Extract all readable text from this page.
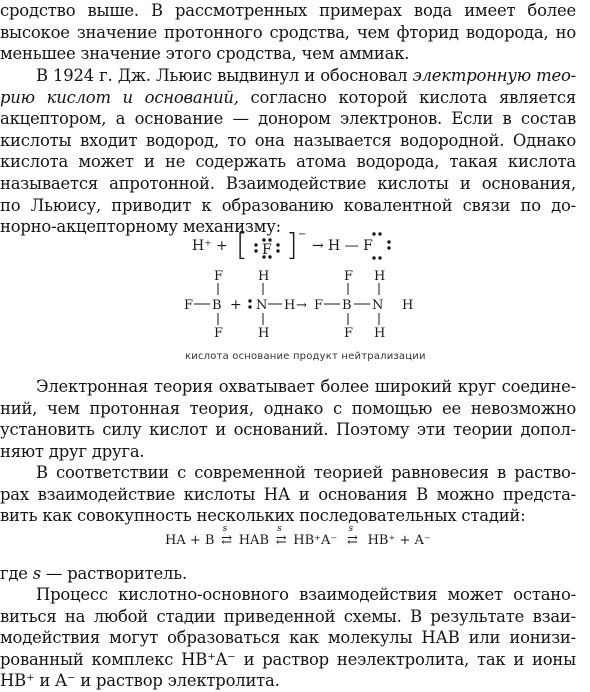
сродство выше. В рассмотренных примерах вода имеет более
высокое значение протонного сродства, чем фторид водорода, но
меньшее значение этого сродства, чем аммиак.
В 1924 г. Дж. Льюис выдвинул и обосновал электронную тео-
рию кислот и оснований, согласно которой кислота является
акцептором, а основание — донором электронов. Если в состав
кислоты входит водород, то она называется водородной. Однако
кислота может и не содержать атома водорода, такая кислота
называется апротонной. Взаимодействие кислоты и основания,
по Льюису, приводит к образованию ковалентной связи по до-
норно-акцепторному механизму:
H⁺ + [ F ] −
→ H — F
F
F B
F
+
H
N H
H
→
F
F B
F
H
N
H
H
кислота основание продукт нейтрализации
Электронная теория охватывает более широкий круг соедине-
ний, чем протонная теория, однако с помощью ее невозможно
установить силу кислот и оснований. Поэтому эти теории допол-
няют друг друга.
В соответствии с современной теорией равновесия в раство-
рах взаимодействие кислоты НА и основания В можно предста-
вить как совокупность нескольких последовательных стадий:
HA + B
s
⇄ HAB
s
⇄ HB⁺A⁻
s
⇄ HB⁺ + A⁻
где s — растворитель.
Процесс кислотно-основного взаимодействия может остано-
виться на любой стадии приведенной схемы. В результате взаи-
модействия могут образоваться как молекулы НАВ или ионизи-
рованный комплекс HB⁺A⁻ и раствор неэлектролита, так и ионы
HB⁺ и A⁻ и раствор электролита.
